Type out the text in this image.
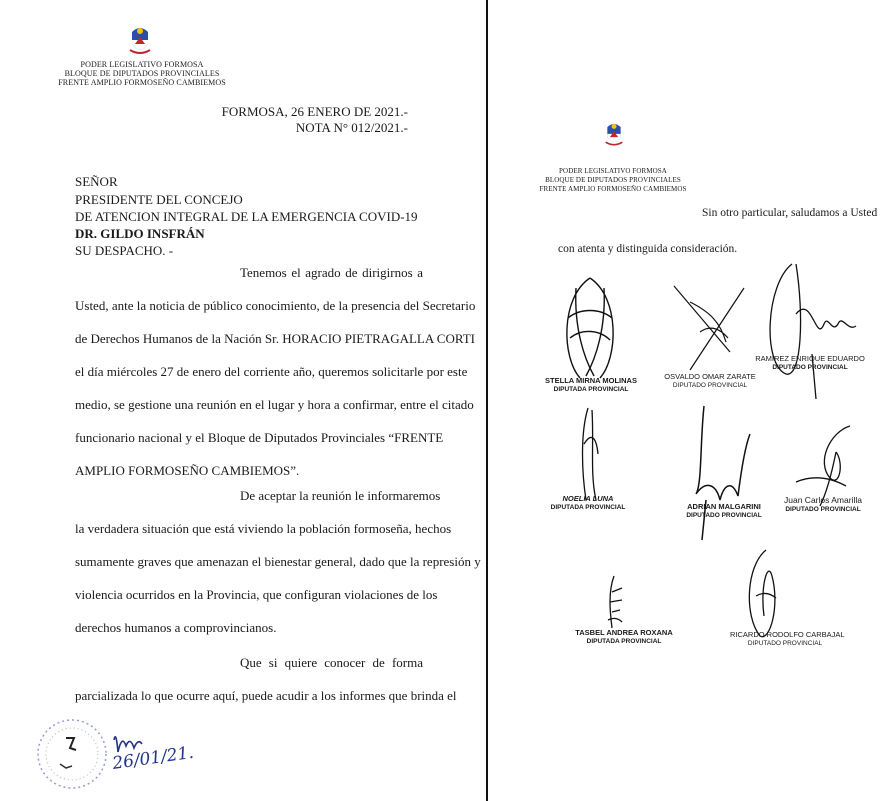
PODER LEGISLATIVO FORMOSA
BLOQUE DE DIPUTADOS PROVINCIALES
FRENTE AMPLIO FORMOSEÑO CAMBIEMOS
FORMOSA, 26 ENERO DE 2021.-
NOTA N° 012/2021.-
SEÑOR
PRESIDENTE DEL CONCEJO
DE ATENCION INTEGRAL DE LA EMERGENCIA COVID-19
DR. GILDO INSFRÁN
SU DESPACHO. -
Tenemos el agrado de dirigirnos a
Usted, ante la noticia de público conocimiento, de la presencia del Secretario
de Derechos Humanos de la Nación Sr. HORACIO PIETRAGALLA CORTI
el día miércoles 27 de enero del corriente año, queremos solicitarle por este
medio, se gestione una reunión en el lugar y hora a confirmar, entre el citado
funcionario nacional y el Bloque de Diputados Provinciales “FRENTE
AMPLIO FORMOSEÑO CAMBIEMOS”.
De aceptar la reunión le informaremos
la verdadera situación que está viviendo la población formoseña, hechos
sumamente graves que amenazan el bienestar general, dado que la represión y
violencia ocurridos en la Provincia, que configuran violaciones de los
derechos humanos a comprovincianos.
Que si quiere conocer de forma
parcializada lo que ocurre aquí, puede acudir a los informes que brinda el
26/01/21.
PODER LEGISLATIVO FORMOSA
BLOQUE DE DIPUTADOS PROVINCIALES
FRENTE AMPLIO FORMOSEÑO CAMBIEMOS
Sin otro particular, saludamos a Usted
con atenta y distinguida consideración.
STELLA MIRNA MOLINAS
DIPUTADA PROVINCIAL
OSVALDO OMAR ZARATE
DIPUTADO PROVINCIAL
RAMIREZ ENRIQUE EDUARDO
DIPUTADO PROVINCIAL
NOELIA LUNA
DIPUTADA PROVINCIAL	ADRIAN MALGARINI
DIPUTADO PROVINCIAL
Juan Carlos Amarilla
DIPUTADO PROVINCIAL
TASBEL ANDREA ROXANA
DIPUTADA PROVINCIAL
RICARDO RODOLFO CARBAJAL
DIPUTADO PROVINCIAL
